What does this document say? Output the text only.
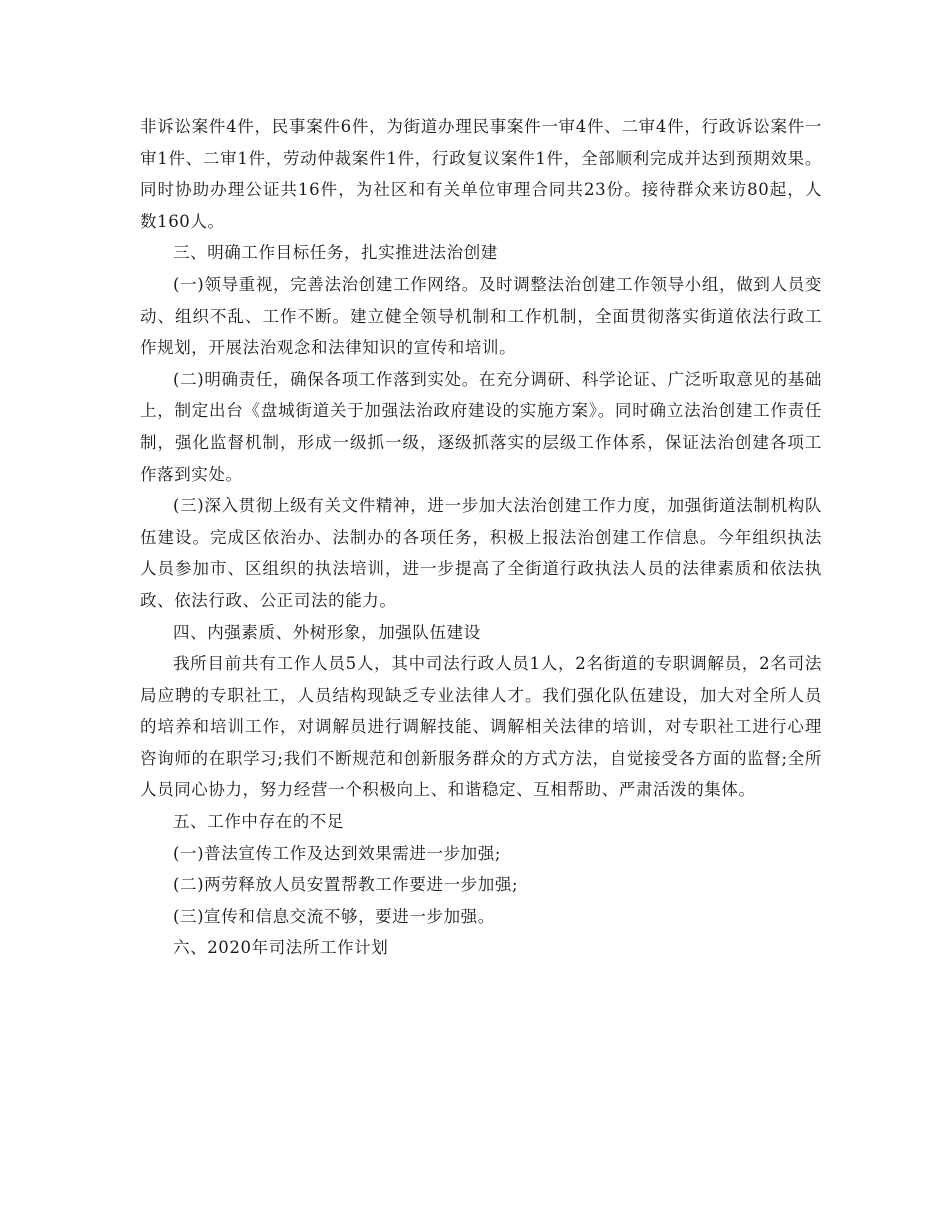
非诉讼案件4件，民事案件6件，为街道办理民事案件一审4件、二审4件，行政诉讼案件一审1件、二审1件，劳动仲裁案件1件，行政复议案件1件，全部顺利完成并达到预期效果。同时协助办理公证共16件，为社区和有关单位审理合同共23份。接待群众来访80起，人数160人。

三、明确工作目标任务，扎实推进法治创建

(一)领导重视，完善法治创建工作网络。及时调整法治创建工作领导小组，做到人员变动、组织不乱、工作不断。建立健全领导机制和工作机制，全面贯彻落实街道依法行政工作规划，开展法治观念和法律知识的宣传和培训。

(二)明确责任，确保各项工作落到实处。在充分调研、科学论证、广泛听取意见的基础上，制定出台《盘城街道关于加强法治政府建设的实施方案》。同时确立法治创建工作责任制，强化监督机制，形成一级抓一级，逐级抓落实的层级工作体系，保证法治创建各项工作落到实处。

(三)深入贯彻上级有关文件精神，进一步加大法治创建工作力度，加强街道法制机构队伍建设。完成区依治办、法制办的各项任务，积极上报法治创建工作信息。今年组织执法人员参加市、区组织的执法培训，进一步提高了全街道行政执法人员的法律素质和依法执政、依法行政、公正司法的能力。

四、内强素质、外树形象，加强队伍建设

我所目前共有工作人员5人，其中司法行政人员1人，2名街道的专职调解员，2名司法局应聘的专职社工，人员结构现缺乏专业法律人才。我们强化队伍建设，加大对全所人员的培养和培训工作，对调解员进行调解技能、调解相关法律的培训，对专职社工进行心理咨询师的在职学习;我们不断规范和创新服务群众的方式方法，自觉接受各方面的监督;全所人员同心协力，努力经营一个积极向上、和谐稳定、互相帮助、严肃活泼的集体。

五、工作中存在的不足

(一)普法宣传工作及达到效果需进一步加强;

(二)两劳释放人员安置帮教工作要进一步加强;

(三)宣传和信息交流不够，要进一步加强。

六、2020年司法所工作计划
